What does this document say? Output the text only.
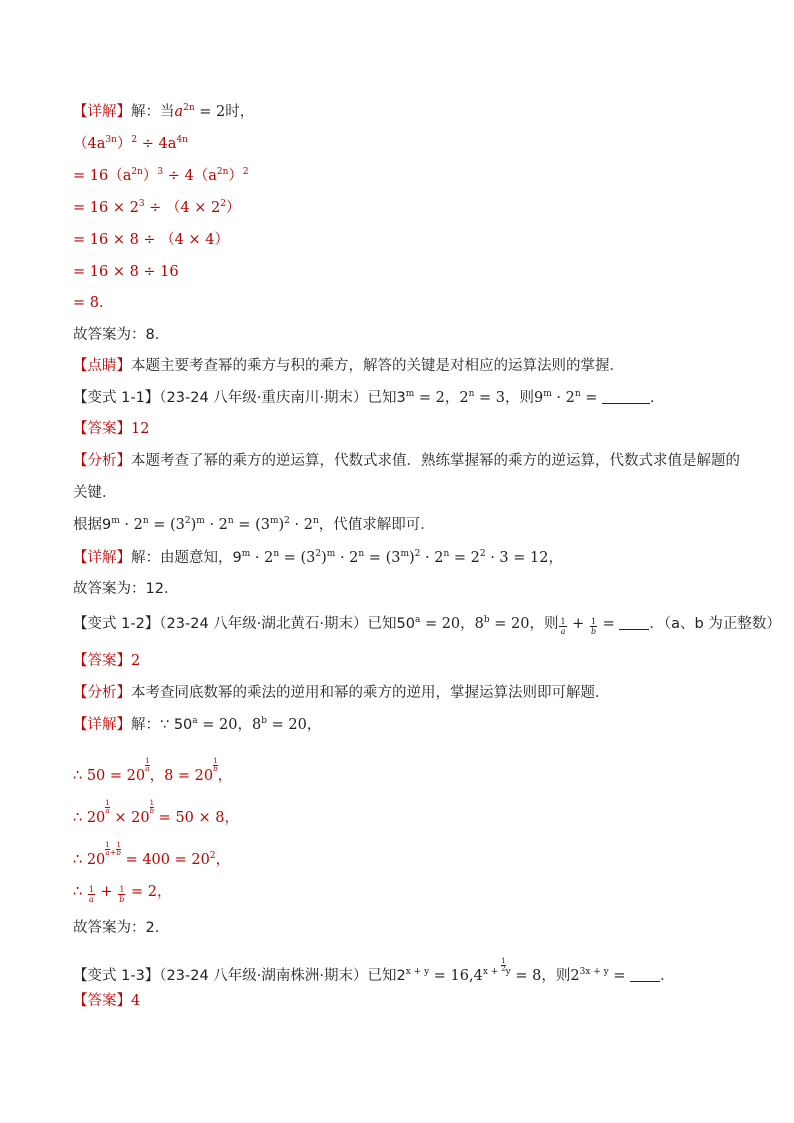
【详解】解：当$a^{2n} = 2$时，
$(4a^{3n})^2 \div 4a^{4n}$
= $16(a^{2n})^3 \div 4(a^{2n})^2$
= $16 \times 2^3 \div (4 \times 2^2)$
= 16 × 8 ÷ （4 × 4）
= 16 × 8 ÷ 16
= 8．
故答案为：8．
【点睛】本题主要考查幂的乘方与积的乘方，解答的关键是对相应的运算法则的掌握．
【变式 1-1】（23-24 八年级·重庆南川·期末）已知$3^m = 2$，$2^n = 3$，则$9^m \cdot 2^n$ =	．
【答案】12
【分析】本题考查了幂的乘方的逆运算，代数式求值．熟练掌握幂的乘方的逆运算，代数式求值是解题的
关键．
根据$9^m \cdot 2^n = (3^2)^m \cdot 2^n = (3^m)^2 \cdot 2^n$，代值求解即可．
【详解】解：由题意知，$9^m \cdot 2^n = (3^2)^m \cdot 2^n = (3^m)^2 \cdot 2^n = 2^2 \cdot 3 = 12$，
故答案为：12．
【变式 1-2】（23-24 八年级·湖北黄石·期末）已知$50^a = 20$，$8^b = 20$，则 $\frac{1}{a} + \frac{1}{b}$ = ．（a、b 为正整数）
【答案】2
【分析】本考查同底数幂的乘法的逆用和幂的乘方的逆用，掌握运算法则即可解题．
【详解】解：∵ $50^a = 20$，$8^b = 20$，
∴ 50 = 20
$\frac{1}{a}$
，8 = 20
$\frac{1}{b}$
，
∴ 20
$\frac{1}{a}$
× 20
$\frac{1}{b}$
= 50 × 8，
∴ 20
$\frac{1}{a} ^+ \frac{1}{b}$
= $400 = 20^2$，
∴ $\frac{1}{a} + \frac{1}{b} = 2$，
故答案为：2．
【变式 1-3】（23-24 八年级·湖南株洲·期末）已知$2^{x + y} = 16,4^{x +} \frac{1}{2} ^y = 8$，则$2^{3x + y}$ = ．
【答案】4
